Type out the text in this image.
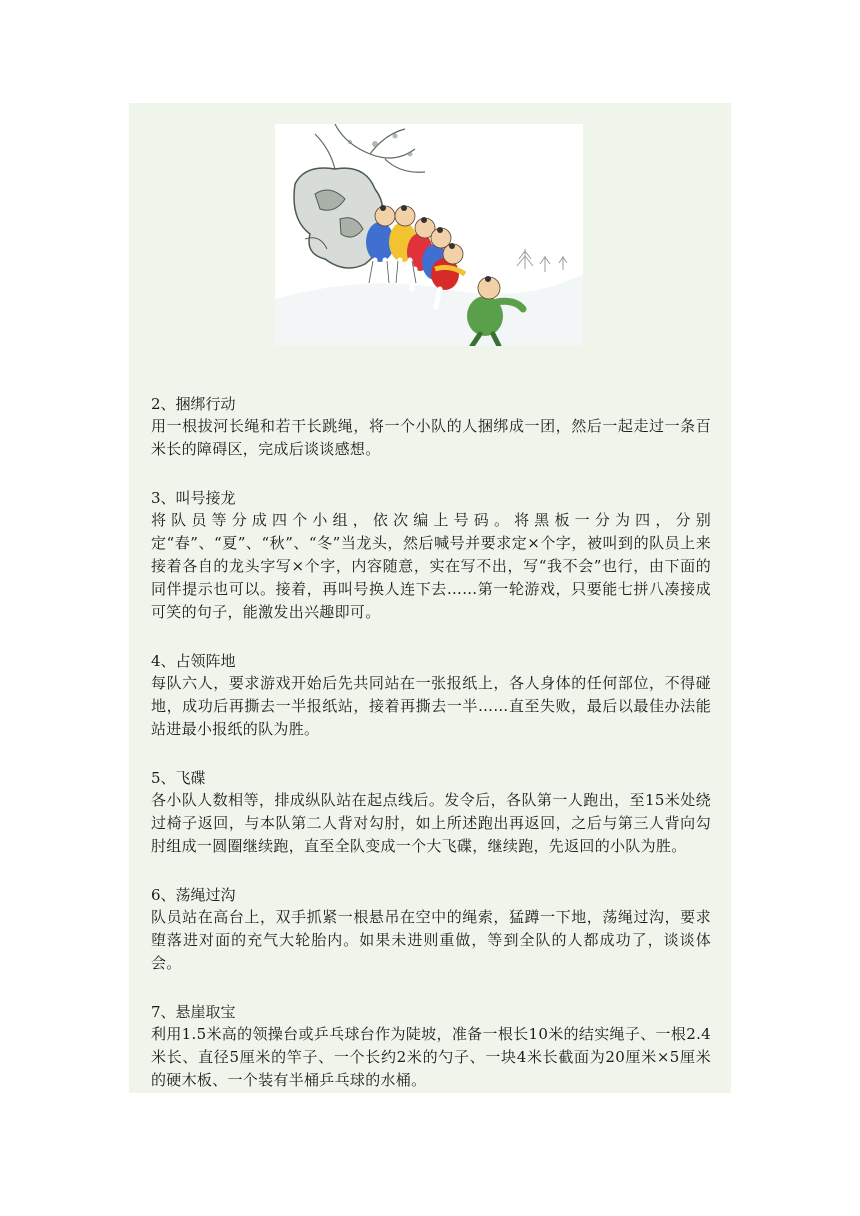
2、捆绑行动

用一根拔河长绳和若干长跳绳，将一个小队的人捆绑成一团，然后一起走过一条百米长的障碍区，完成后谈谈感想。

3、叫号接龙

将队员等分成四个小组，依次编上号码。将黑板一分为四，分别定“春”、“夏”、“秋”、“冬”当龙头，然后喊号并要求定×个字，被叫到的队员上来接着各自的龙头字写×个字，内容随意，实在写不出，写“我不会”也行，由下面的同伴提示也可以。接着，再叫号换人连下去……第一轮游戏，只要能七拼八凑接成可笑的句子，能激发出兴趣即可。

4、占领阵地

每队六人，要求游戏开始后先共同站在一张报纸上，各人身体的任何部位，不得碰地，成功后再撕去一半报纸站，接着再撕去一半……直至失败，最后以最佳办法能站进最小报纸的队为胜。

5、飞碟

各小队人数相等，排成纵队站在起点线后。发令后，各队第一人跑出，至15米处绕过椅子返回，与本队第二人背对勾肘，如上所述跑出再返回，之后与第三人背向勾肘组成一圆圈继续跑，直至全队变成一个大飞碟，继续跑，先返回的小队为胜。

6、荡绳过沟

队员站在高台上，双手抓紧一根悬吊在空中的绳索，猛蹲一下地，荡绳过沟，要求堕落进对面的充气大轮胎内。如果未进则重做，等到全队的人都成功了，谈谈体会。

7、悬崖取宝

利用1.5米高的领操台或乒乓球台作为陡坡，准备一根长10米的结实绳子、一根2.4米长、直径5厘米的竿子、一个长约2米的勺子、一块4米长截面为20厘米×5厘米的硬木板、一个装有半桶乒乓球的水桶。
